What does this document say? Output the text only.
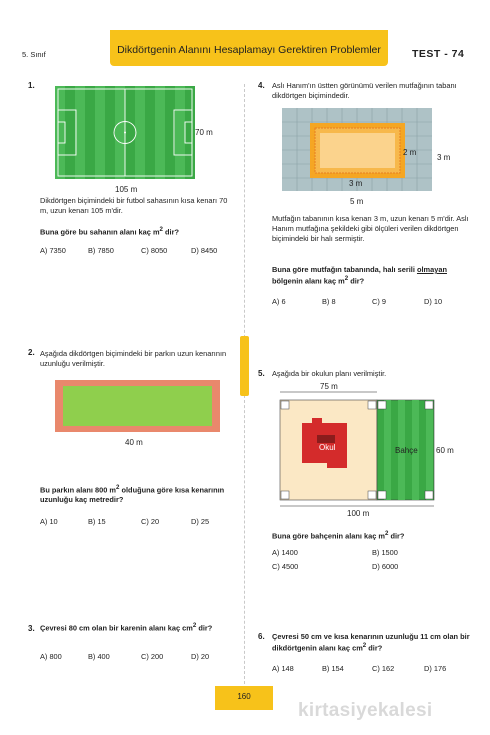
5. Sınıf	Dikdörtgenin Alanını Hesaplamayı Gerektiren Problemler	TEST - 74
1.
70 m
105 m
Dikdörtgen biçimindeki bir futbol sahasının kısa kenarı 70 m, uzun kenarı 105 m'dir.
Buna göre bu sahanın alanı kaç $m^2$ dir?
A) 7350	B) 7850	C) 8050	D) 8450
2. Aşağıda dikdörtgen biçimindeki bir parkın uzun kenarının uzunluğu verilmiştir.
40 m
Bu parkın alanı 800 $m^2$ olduğuna göre kısa kenarının uzunluğu kaç metredir?
A) 10	B) 15	C) 20	D) 25
3. Çevresi 80 cm olan bir karenin alanı kaç $cm^2$ dir?
A) 800	B) 400	C) 200	D) 20
4. Aslı Hanım'ın üstten görünümü verilen mutfağının tabanı dikdörtgen biçimindedir.
2 m
3 m
3 m
5 m
Mutfağın tabanının kısa kenarı 3 m, uzun kenarı 5 m'dir. Aslı Hanım mutfağına şekildeki gibi ölçüleri verilen dikdörtgen biçimindeki bir halı sermiştir.
Buna göre mutfağın tabanında, halı serili olmayan bölgenin alanı kaç $m^2$ dir?
A) 6	B) 8	C) 9	D) 10
5. Aşağıda bir okulun planı verilmiştir.
75 m
Okul	Bahçe 60 m
100 m
Buna göre bahçenin alanı kaç $m^2$ dir?
A) 1400	B) 1500
C) 4500	D) 6000
6. Çevresi 50 cm ve kısa kenarının uzunluğu 11 cm olan bir dikdörtgenin alanı kaç $cm^2$ dir?
A) 148	B) 154	C) 162	D) 176
160
kirtasiyekalesi
